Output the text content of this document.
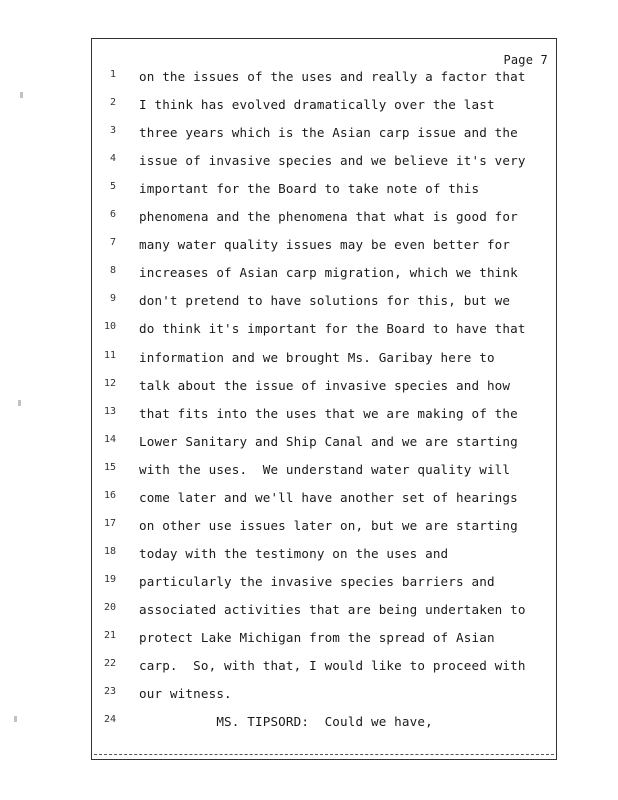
Page 7
1 on the issues of the uses and really a factor that
2 I think has evolved dramatically over the last
3 three years which is the Asian carp issue and the
4 issue of invasive species and we believe it's very
5 important for the Board to take note of this
6 phenomena and the phenomena that what is good for
7 many water quality issues may be even better for
8 increases of Asian carp migration, which we think
9 don't pretend to have solutions for this, but we
10 do think it's important for the Board to have that
11 information and we brought Ms. Garibay here to
12 talk about the issue of invasive species and how
13 that fits into the uses that we are making of the
14 Lower Sanitary and Ship Canal and we are starting
15 with the uses.  We understand water quality will
16 come later and we'll have another set of hearings
17 on other use issues later on, but we are starting
18 today with the testimony on the uses and
19 particularly the invasive species barriers and
20 associated activities that are being undertaken to
21 protect Lake Michigan from the spread of Asian
22 carp.  So, with that, I would like to proceed with
23 our witness.
24 MS. TIPSORD:  Could we have,
